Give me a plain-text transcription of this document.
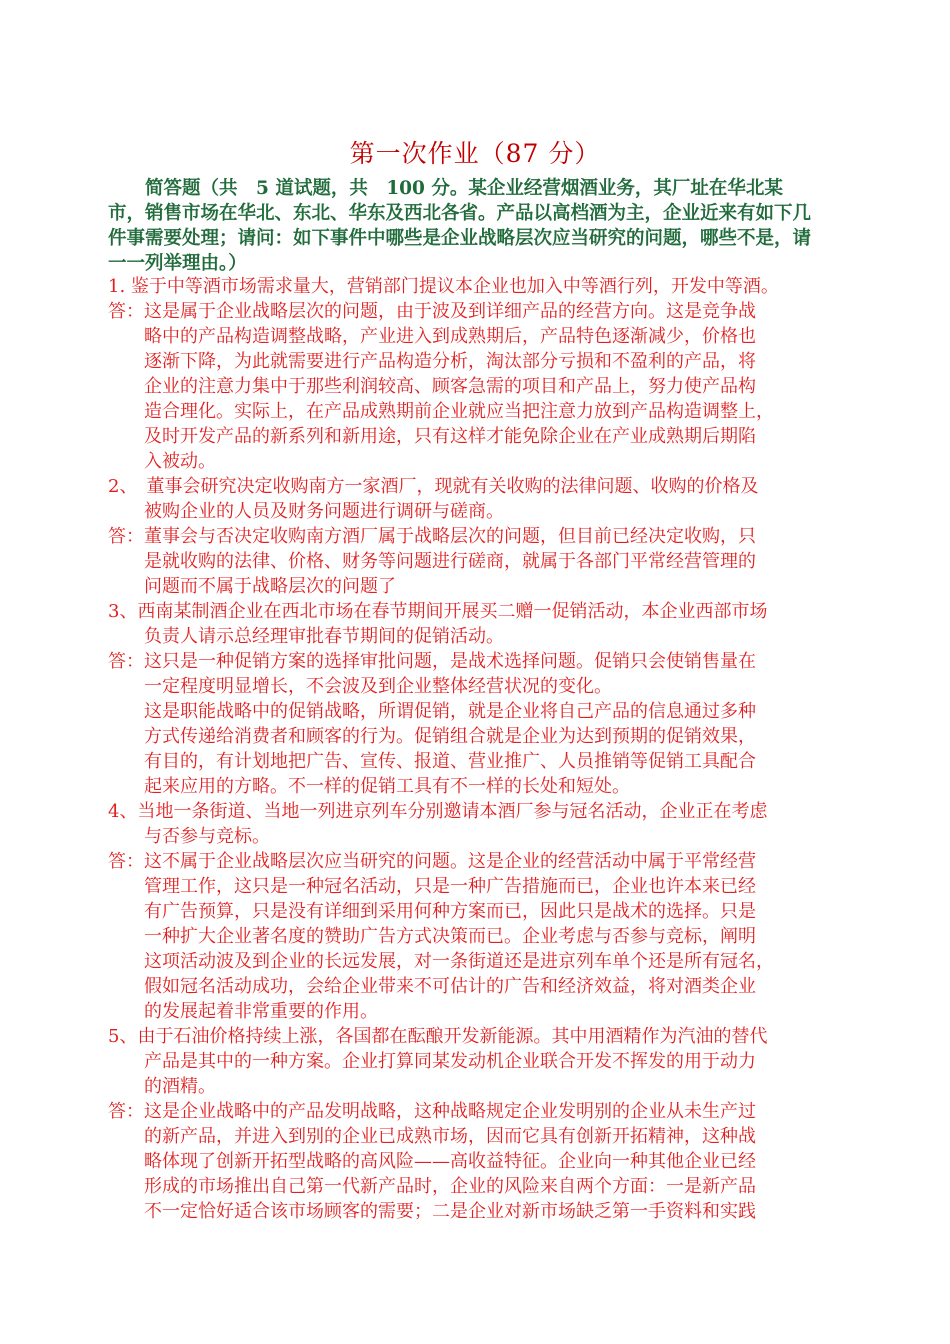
第一次作业（87 分）
简答题（共　5 道试题，共　100 分。某企业经营烟酒业务，其厂址在华北某市，销售市场在华北、东北、华东及西北各省。产品以高档酒为主，企业近来有如下几件事需要处理；请问：如下事件中哪些是企业战略层次应当研究的问题，哪些不是，请一一列举理由。）
1. 鉴于中等酒市场需求量大，营销部门提议本企业也加入中等酒行列，开发中等酒。
答：这是属于企业战略层次的问题，由于波及到详细产品的经营方向。这是竞争战
略中的产品构造调整战略，产业进入到成熟期后，产品特色逐渐减少，价格也
逐渐下降，为此就需要进行产品构造分析，淘汰部分亏损和不盈利的产品，将
企业的注意力集中于那些利润较高、顾客急需的项目和产品上，努力使产品构
造合理化。实际上，在产品成熟期前企业就应当把注意力放到产品构造调整上，
及时开发产品的新系列和新用途，只有这样才能免除企业在产业成熟期后期陷
入被动。
2、　董事会研究决定收购南方一家酒厂，现就有关收购的法律问题、收购的价格及
被购企业的人员及财务问题进行调研与磋商。
答：董事会与否决定收购南方酒厂属于战略层次的问题，但目前已经决定收购，只
是就收购的法律、价格、财务等问题进行磋商，就属于各部门平常经营管理的
问题而不属于战略层次的问题了
3、西南某制酒企业在西北市场在春节期间开展买二赠一促销活动，本企业西部市场
负责人请示总经理审批春节期间的促销活动。
答：这只是一种促销方案的选择审批问题，是战术选择问题。促销只会使销售量在
一定程度明显增长，不会波及到企业整体经营状况的变化。
这是职能战略中的促销战略，所谓促销，就是企业将自己产品的信息通过多种
方式传递给消费者和顾客的行为。促销组合就是企业为达到预期的促销效果，
有目的，有计划地把广告、宣传、报道、营业推广、人员推销等促销工具配合
起来应用的方略。不一样的促销工具有不一样的长处和短处。
4、当地一条街道、当地一列进京列车分别邀请本酒厂参与冠名活动，企业正在考虑
与否参与竞标。
答：这不属于企业战略层次应当研究的问题。这是企业的经营活动中属于平常经营
管理工作，这只是一种冠名活动，只是一种广告措施而已，企业也许本来已经
有广告预算，只是没有详细到采用何种方案而已，因此只是战术的选择。只是
一种扩大企业著名度的赞助广告方式决策而已。企业考虑与否参与竞标，阐明
这项活动波及到企业的长远发展，对一条街道还是进京列车单个还是所有冠名，
假如冠名活动成功，会给企业带来不可估计的广告和经济效益，将对酒类企业
的发展起着非常重要的作用。
5、由于石油价格持续上涨，各国都在酝酿开发新能源。其中用酒精作为汽油的替代
产品是其中的一种方案。企业打算同某发动机企业联合开发不挥发的用于动力
的酒精。
答：这是企业战略中的产品发明战略，这种战略规定企业发明别的企业从未生产过
的新产品，并进入到别的企业已成熟市场，因而它具有创新开拓精神，这种战
略体现了创新开拓型战略的高风险——高收益特征。企业向一种其他企业已经
形成的市场推出自己第一代新产品时，企业的风险来自两个方面：一是新产品
不一定恰好适合该市场顾客的需要；二是企业对新市场缺乏第一手资料和实践
